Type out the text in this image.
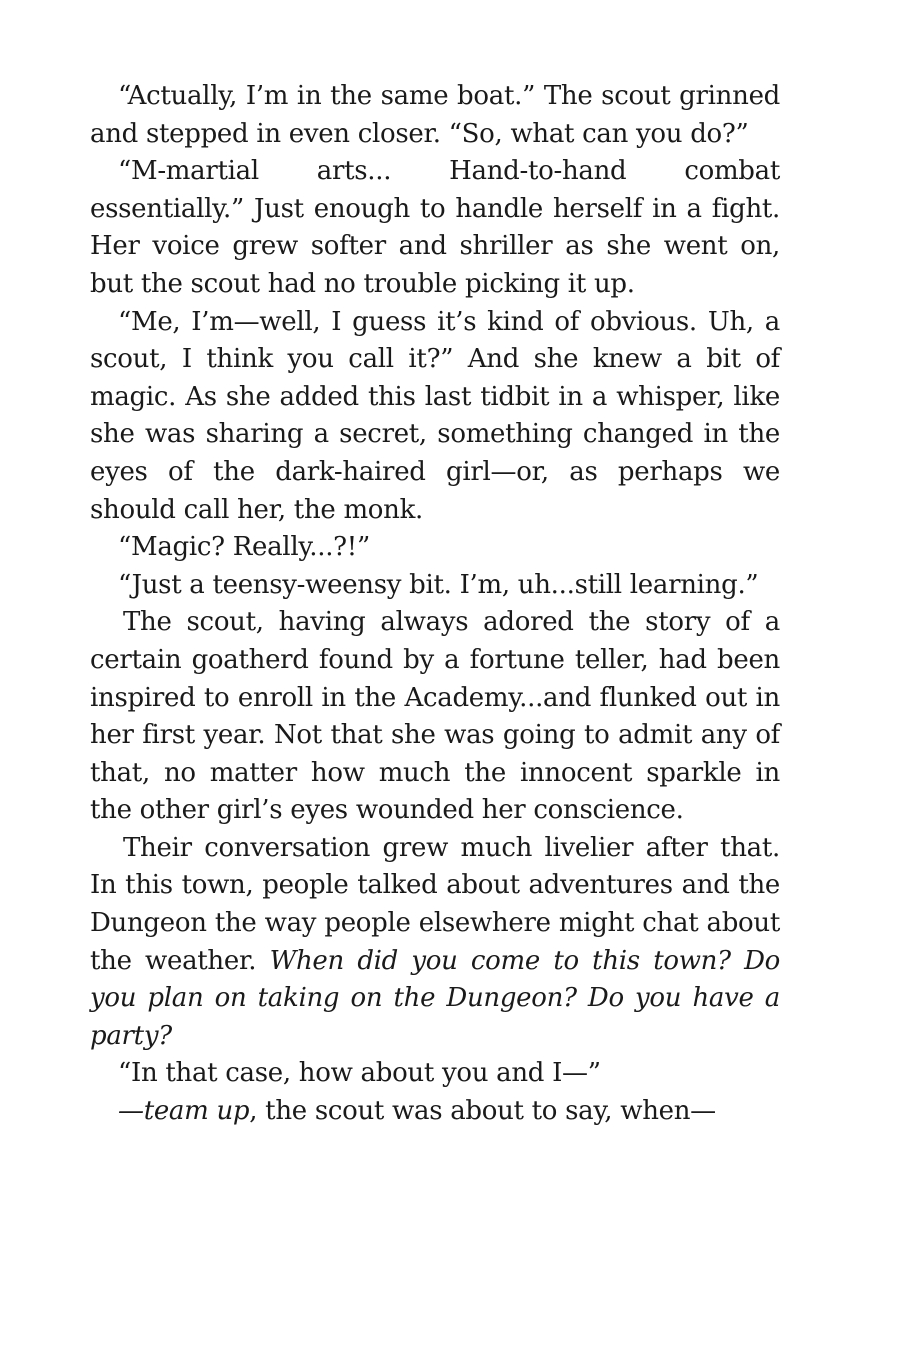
“Actually, I’m in the same boat.” The scout grinned and stepped in even closer. “So, what can you do?”

“M-martial arts... Hand-to-hand combat essentially.” Just enough to handle herself in a fight. Her voice grew softer and shriller as she went on, but the scout had no trouble picking it up.

“Me, I’m—well, I guess it’s kind of obvious. Uh, a scout, I think you call it?” And she knew a bit of magic. As she added this last tidbit in a whisper, like she was sharing a secret, something changed in the eyes of the dark-haired girl—or, as perhaps we should call her, the monk.

“Magic? Really...?!”

“Just a teensy-weensy bit. I’m, uh...still learning.”

The scout, having always adored the story of a certain goatherd found by a fortune teller, had been inspired to enroll in the Academy...and flunked out in her first year. Not that she was going to admit any of that, no matter how much the innocent sparkle in the other girl’s eyes wounded her conscience.

Their conversation grew much livelier after that. In this town, people talked about adventures and the Dungeon the way people elsewhere might chat about the weather. When did you come to this town? Do you plan on taking on the Dungeon? Do you have a party?

“In that case, how about you and I—”

—team up, the scout was about to say, when—
